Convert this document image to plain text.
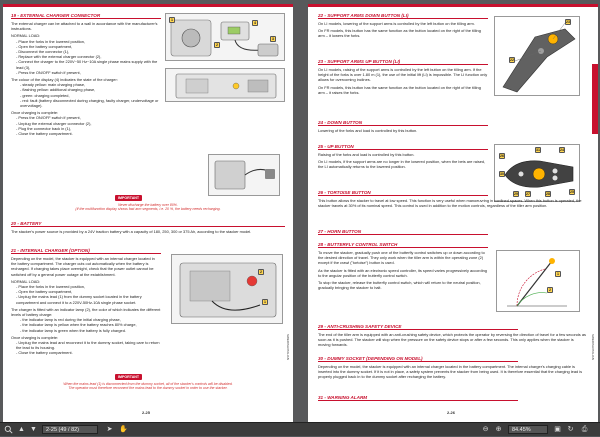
19 - EXTERNAL CHARGER CONNECTOR

The external charger can be attached to a wall in accordance with the manufacturer's instructions.

NORMAL LOAD:

- Place the forks in the lowered position,

- Open the battery compartment,

- Disconnect the connector (1),

- Replace with the external charger connector (2),

- Connect the charger to the 220V~50 Hz~10A single phase mains supply with the lead (3),

- Press the ON/OFF switch if present,

The colour of the display (4) indicates the state of the charger:

- steady yellow: main charging phase,

- flashing yellow: additional charging phase,

- green: charging completed,

- red: fault (battery disconnected during charging, faulty charger, undervoltage or overvoltage).

Once charging is complete:

- Press the ON/OFF switch if present,

- Unplug the external charger connector (2),

- Plug the connector back in (1),

- Close the battery compartment.

1
2
3
4
IMPORTANT
Never discharge the battery over 80%.
(If the multifunction display shows fast arm segments, i.e. 20 %, the battery needs recharging.
20 - BATTERY
The stacker's power source is provided by a 24V traction battery with a capacity of 180, 250, 300 or 375 Ah, according to the stacker model.
21 - INTERNAL CHARGER (OPTION)

Depending on the model, the stacker is equipped with an internal charger located in the battery compartment. The charger cuts out automatically when the battery is recharged. If charging takes place overnight, check that the power outlet cannot be switched off by a general power outage at the establishment.

NORMAL LOAD:

- Place the forks in the lowered position,

- Open the battery compartment,

- Unplug the mains lead (1) from the dummy socket located in the battery compartment and connect it to a 220V-50Hz-10A single phase socket.

The charger is fitted with an indicator lamp (2), the color of which indicates the different levels of battery charge:

- the indicator lamp is red during the initial charging phase,

- the indicator lamp is yellow when the battery reaches 80% charge,

- the indicator lamp is green when the battery is fully charged.

Once charging is complete:

- Unplug the mains lead and reconnect it to the dummy socket, taking care to return the lead to its housing.

- Close the battery compartment.

1
2
IMPORTANT
When the mains lead (1) is disconnected from the dummy socket, all of the stacker's controls will be disabled.
The operator must therefore reconnect the mains lead to the dummy socket in order to use the stacker.
2-25
SWEDISH/ITALIAN
22 - SUPPORT ARMS DOWN BUTTON (LI)

On LI models, lowering of the support arms is controlled by the left button on the tilling arm.

On FR models, this button has the same function as the button located on the right of the tilling arm – it lowers the forks.

23 - SUPPORT ARMS UP BUTTON (LI)

On LI models, raising of the support arms is controlled by the left button on the tilling arm. If the height of the forks is over 1.80 m (1), the use of the initial lift (LI) is impossible. The LI function only allows for overcoming inclines.

On FR models, this button has the same function as the button located on the right of the tilling arm – it raises the forks.

22
23
24 - DOWN BUTTON
Lowering of the forks and load is controlled by this button.
25 - UP BUTTON

Raising of the forks and load is controlled by this button.

On LI models, if the support arms are no longer in the lowered position, when the bets are raised, the LI automatically returns to the lowered position.

24
25
26
27	28
29
30
31
26 - TORTOISE BUTTON
This button allows the stacker to travel at low speed. This function is very useful when manoeuvring in confined spaces. When this button is operated, the stacker travels at 30% of its nominal speed. This control is used in addition to the motion controls, regardless of the tiller arm position.
27 - HORN BUTTON
28 - BUTTERFLY CONTROL SWITCH

To move the stacker, gradually push one of the butterfly control switches up or down according to the desired direction of travel. They only work when the tiller arm is within the operating zone (2) except if the crawl ("tortoise") button is used.

As the stacker is fitted with an electronic speed controller, its speed varies progressively according to the angular position of the butterfly control switch.

To stop the stacker, release the butterfly control switch, which will return to the neutral position, gradually bringing the stacker to halt.

1
2
29 - ANTI-CRUSHING SAFETY DEVICE
The end of the tiller arm is equipped with an anti-crushing safety device, which protects the operator by reversing the direction of travel for a few seconds as soon as it is pushed. The stacker will stop when the pressure on the safety device stops or after a few seconds. This only applies when the stacker is moving forwards.
30 - DUMMY SOCKET (DEPENDING ON MODEL)
Depending on the model, the stacker is equipped with an internal charger located in the battery compartment. The internal charger's charging cable is inserted into the dummy socket. If it is not in place, a safety system prevents the stacker from being used. It is therefore essential that the charging lead is properly plugged back in to the dummy socket after recharging the battery.
31 - WARNING ALARM
2-26
SWEDISH/ITALIAN
▲ ▼	2-25 (49 / 82)	➤ ✋	⊖	⊕	84.45%	▣ ↻	⎙
